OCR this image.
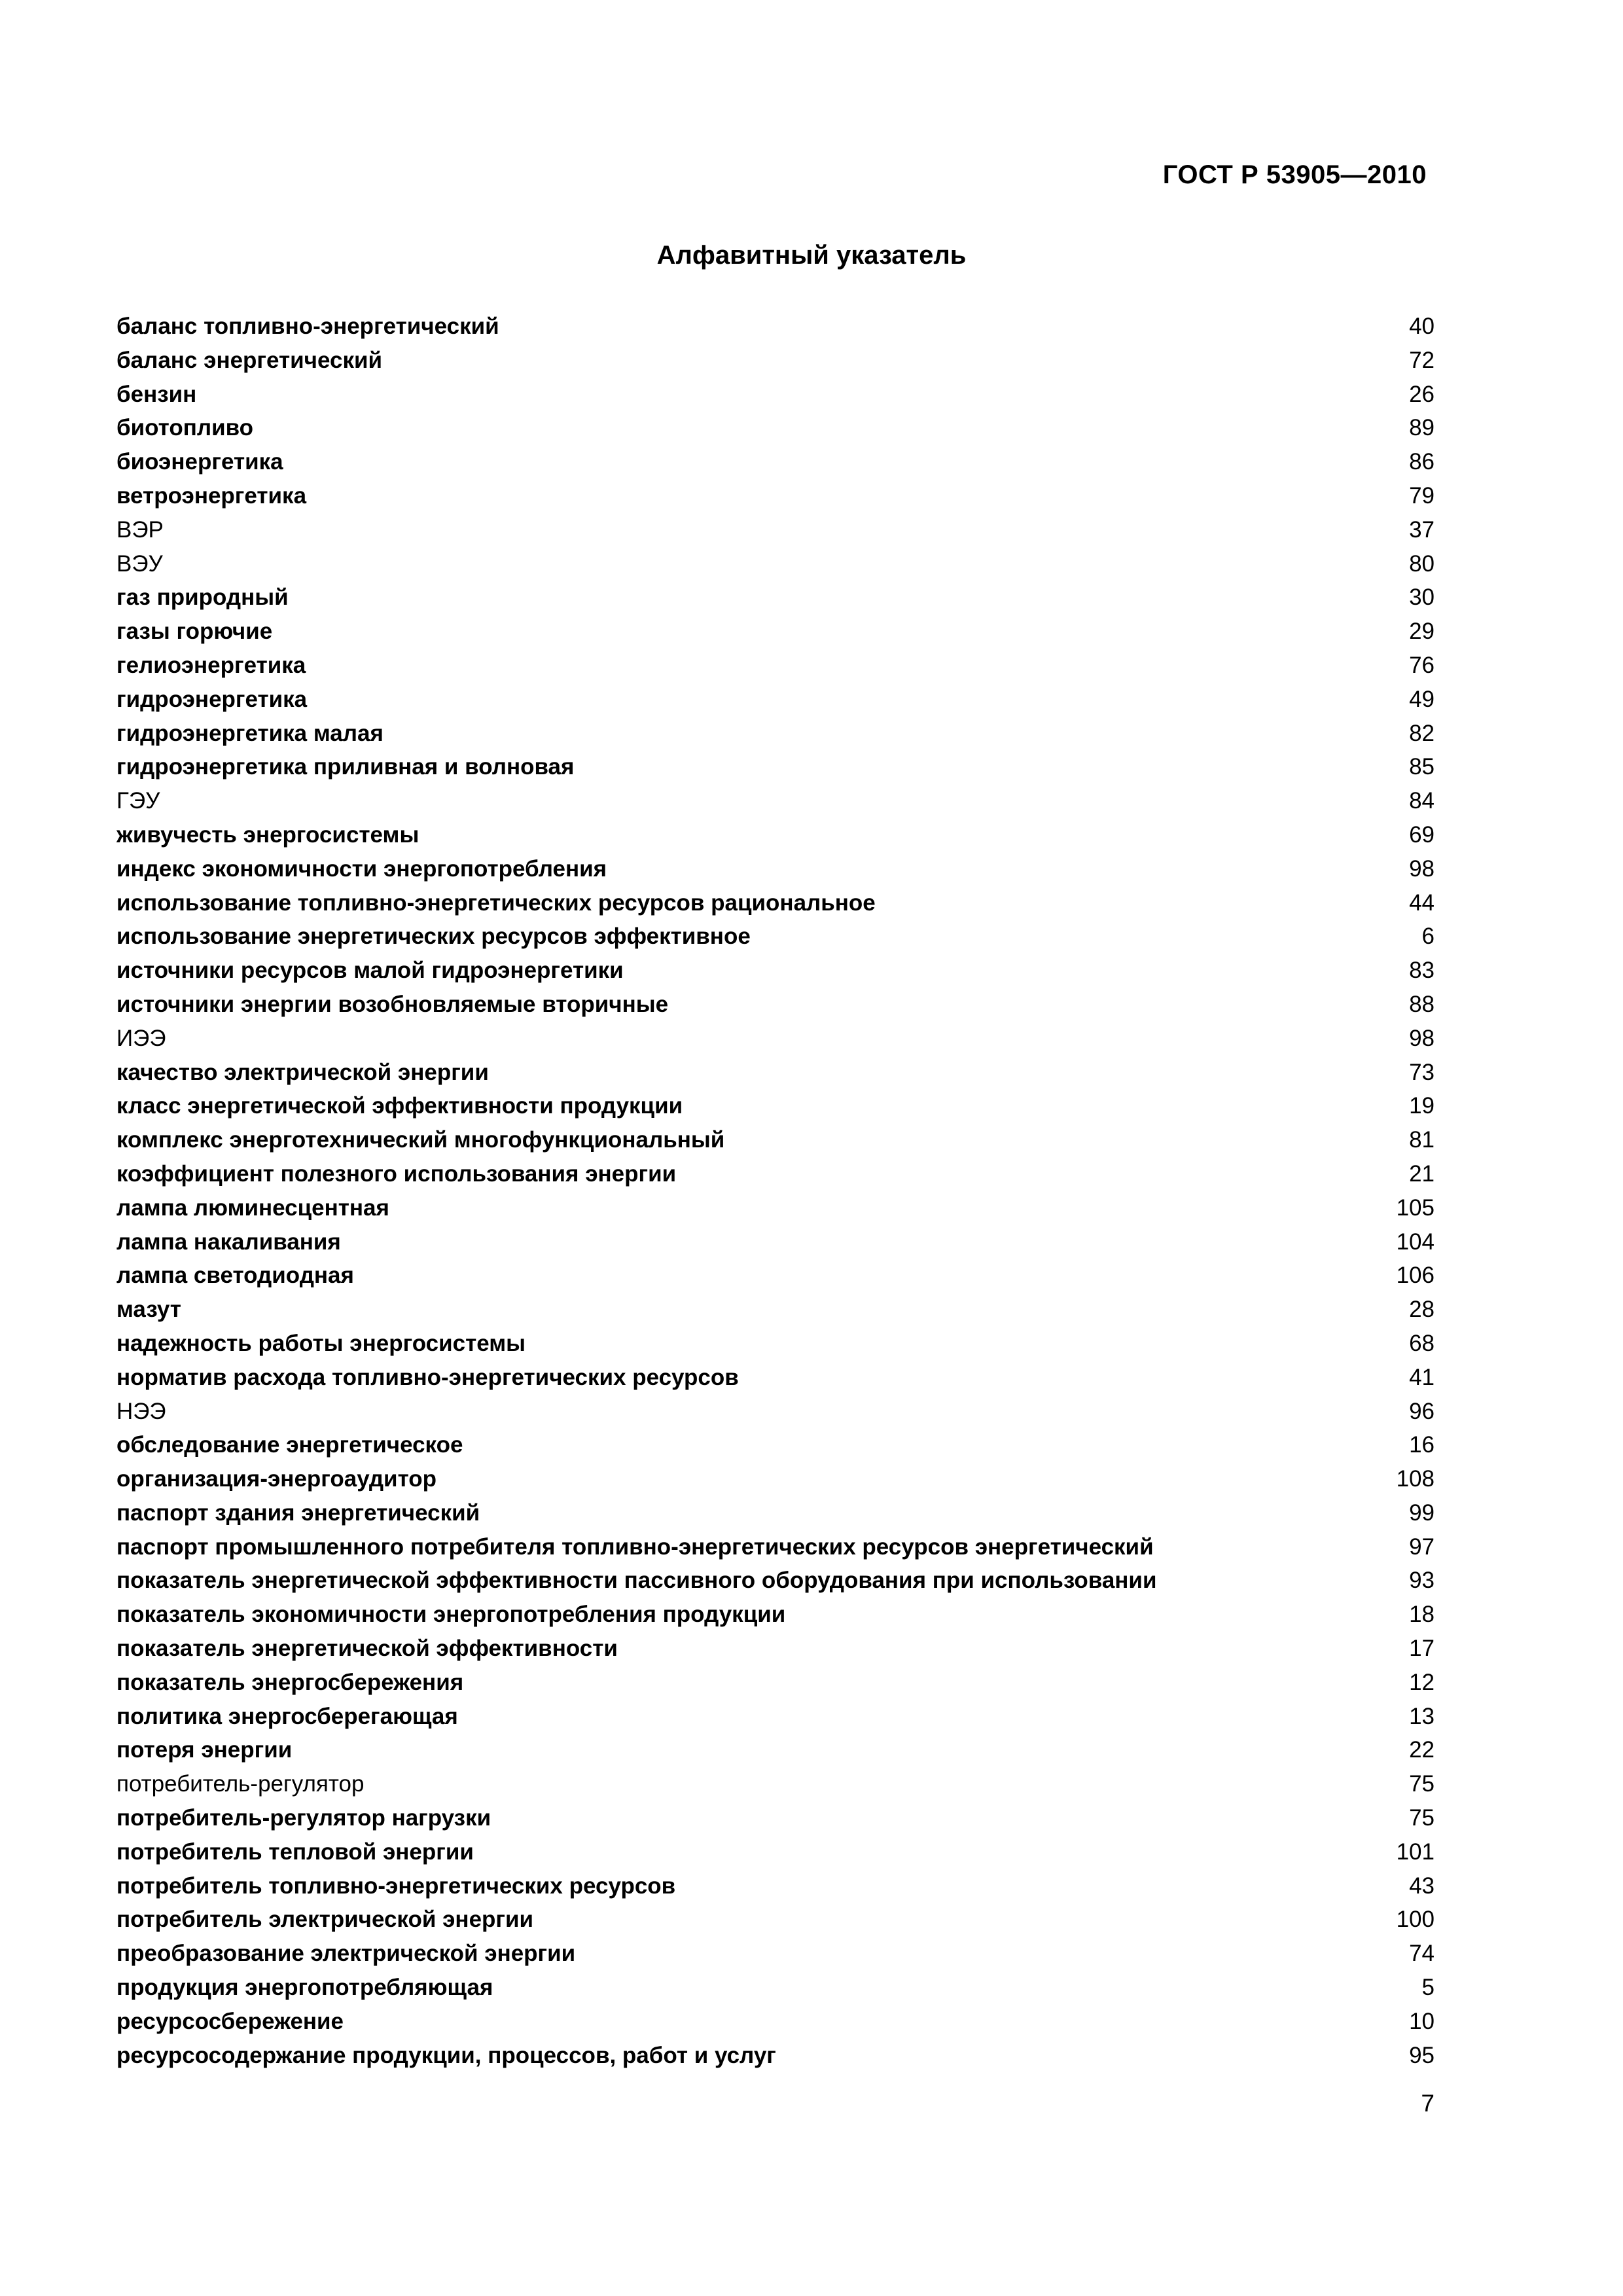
ГОСТ Р 53905—2010
Алфавитный указатель
баланс топливно-энергетический	40
баланс энергетический	72
бензин	26
биотопливо	89
биоэнергетика	86
ветроэнергетика	79
ВЭР	37
ВЭУ	80
газ природный	30
газы горючие	29
гелиоэнергетика	76
гидроэнергетика	49
гидроэнергетика малая	82
гидроэнергетика приливная и волновая	85
ГЭУ	84
живучесть энергосистемы	69
индекс экономичности энергопотребления	98
использование топливно-энергетических ресурсов рациональное	44
использование энергетических ресурсов эффективное	6
источники ресурсов малой гидроэнергетики	83
источники энергии возобновляемые вторичные	88
ИЭЭ	98
качество электрической энергии	73
класс энергетической эффективности продукции	19
комплекс энерготехнический многофункциональный	81
коэффициент полезного использования энергии	21
лампа люминесцентная	105
лампа накаливания	104
лампа светодиодная	106
мазут	28
надежность работы энергосистемы	68
норматив расхода топливно-энергетических ресурсов	41
НЭЭ	96
обследование энергетическое	16
организация-энергоаудитор	108
паспорт здания энергетический	99
паспорт промышленного потребителя топливно-энергетических ресурсов энергетический	97
показатель энергетической эффективности пассивного оборудования при использовании	93
показатель экономичности энергопотребления продукции	18
показатель энергетической эффективности	17
показатель энергосбережения	12
политика энергосберегающая	13
потеря энергии	22
потребитель-регулятор	75
потребитель-регулятор нагрузки	75
потребитель тепловой энергии	101
потребитель топливно-энергетических ресурсов	43
потребитель электрической энергии	100
преобразование электрической энергии	74
продукция энергопотребляющая	5
ресурсосбережение	10
ресурсосодержание продукции, процессов, работ и услуг	95
7
